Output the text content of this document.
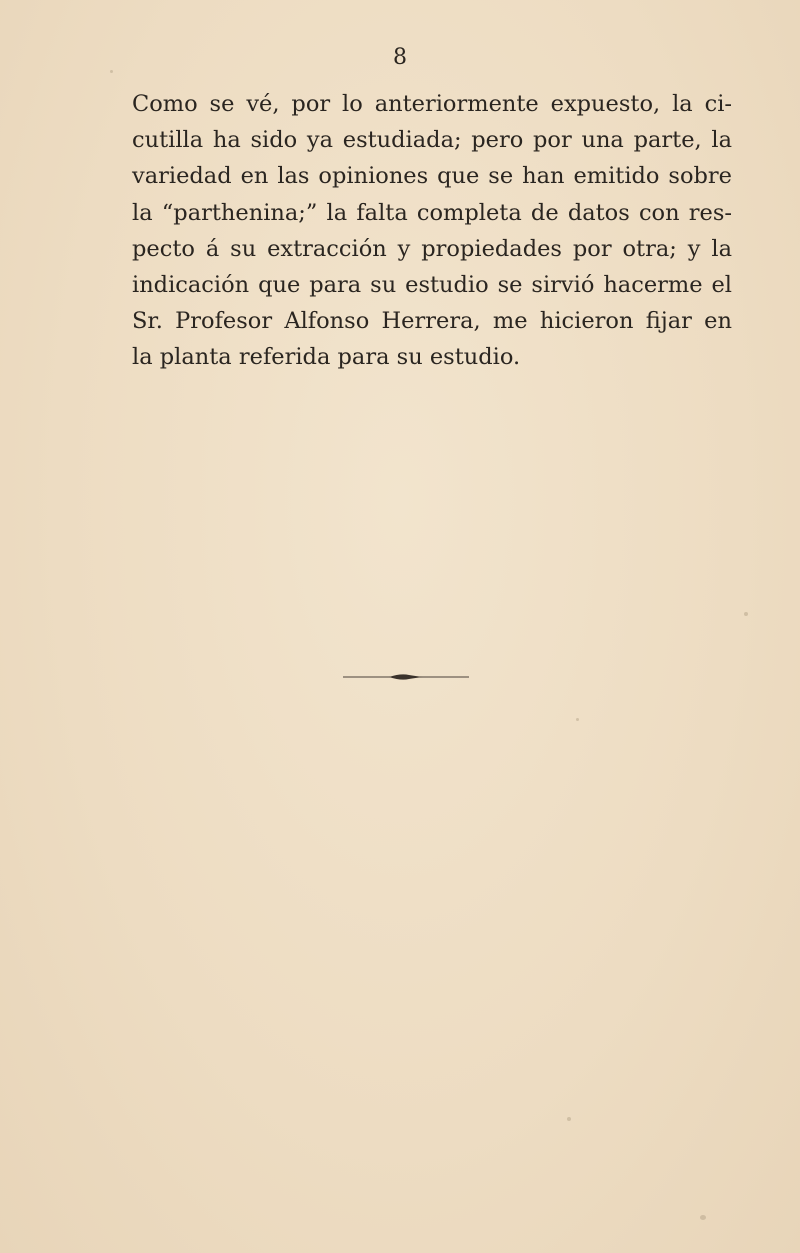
8
Como se vé, por lo anteriormente expuesto, la ci-
cutilla ha sido ya estudiada; pero por una parte, la
variedad en las opiniones que se han emitido sobre
la “parthenina;” la falta completa de datos con res-
pecto á su extracción y propiedades por otra; y la
indicación que para su estudio se sirvió hacerme el
Sr. Profesor Alfonso Herrera, me hicieron fijar en
la planta referida para su estudio.
